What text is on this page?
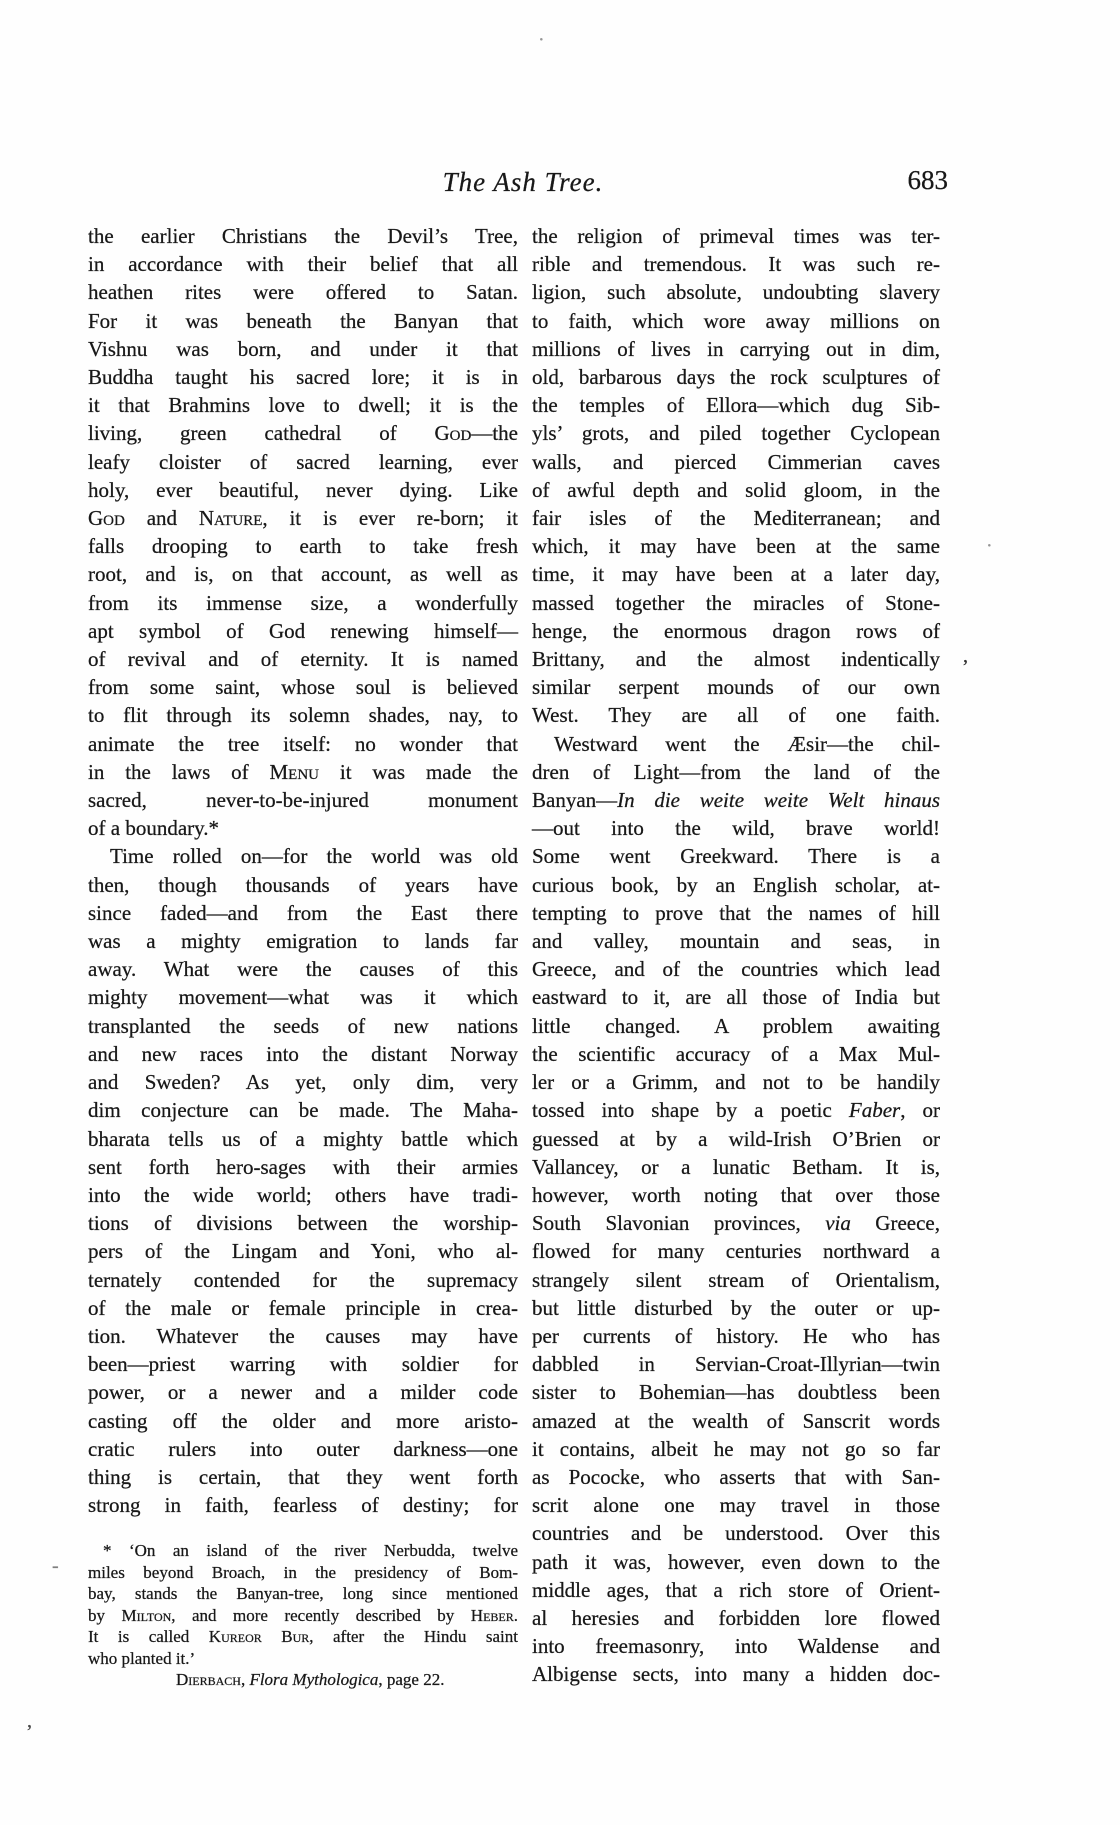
The Ash Tree.	683
the earlier Christians the Devil’s Tree,
in accordance with their belief that all
heathen rites were offered to Satan.
For it was beneath the Banyan that
Vishnu was born, and under it that
Buddha taught his sacred lore; it is in
it that Brahmins love to dwell; it is the
living, green cathedral of God—the
leafy cloister of sacred learning, ever
holy, ever beautiful, never dying. Like
God and Nature, it is ever re-born; it
falls drooping to earth to take fresh
root, and is, on that account, as well as
from its immense size, a wonderfully
apt symbol of God renewing himself—
of revival and of eternity. It is named
from some saint, whose soul is believed
to flit through its solemn shades, nay, to
animate the tree itself: no wonder that
in the laws of Menu it was made the
sacred, never-to-be-injured monument
of a boundary.*
Time rolled on—for the world was old
then, though thousands of years have
since faded—and from the East there
was a mighty emigration to lands far
away. What were the causes of this
mighty movement—what was it which
transplanted the seeds of new nations
and new races into the distant Norway
and Sweden? As yet, only dim, very
dim conjecture can be made. The Maha-
bharata tells us of a mighty battle which
sent forth hero-sages with their armies
into the wide world; others have tradi-
tions of divisions between the worship-
pers of the Lingam and Yoni, who al-
ternately contended for the supremacy
of the male or female principle in crea-
tion. Whatever the causes may have
been—priest warring with soldier for
power, or a newer and a milder code
casting off the older and more aristo-
cratic rulers into outer darkness—one
thing is certain, that they went forth
strong in faith, fearless of destiny; for
the religion of primeval times was ter-
rible and tremendous. It was such re-
ligion, such absolute, undoubting slavery
to faith, which wore away millions on
millions of lives in carrying out in dim,
old, barbarous days the rock sculptures of
the temples of Ellora—which dug Sib-
yls’ grots, and piled together Cyclopean
walls, and pierced Cimmerian caves
of awful depth and solid gloom, in the
fair isles of the Mediterranean; and
which, it may have been at the same
time, it may have been at a later day,
massed together the miracles of Stone-
henge, the enormous dragon rows of
Brittany, and the almost indentically
similar serpent mounds of our own
West. They are all of one faith.
Westward went the Æsir—the chil-
dren of Light—from the land of the
Banyan—In die weite weite Welt hinaus
—out into the wild, brave world!
Some went Greekward. There is a
curious book, by an English scholar, at-
tempting to prove that the names of hill
and valley, mountain and seas, in
Greece, and of the countries which lead
eastward to it, are all those of India but
little changed. A problem awaiting
the scientific accuracy of a Max Mul-
ler or a Grimm, and not to be handily
tossed into shape by a poetic Faber, or
guessed at by a wild-Irish O’Brien or
Vallancey, or a lunatic Betham. It is,
however, worth noting that over those
South Slavonian provinces, via Greece,
flowed for many centuries northward a
strangely silent stream of Orientalism,
but little disturbed by the outer or up-
per currents of history. He who has
dabbled in Servian-Croat-Illyrian—twin
sister to Bohemian—has doubtless been
amazed at the wealth of Sanscrit words
it contains, albeit he may not go so far
as Pococke, who asserts that with San-
scrit alone one may travel in those
countries and be understood. Over this
path it was, however, even down to the
middle ages, that a rich store of Orient-
al heresies and forbidden lore flowed
into freemasonry, into Waldense and
Albigense sects, into many a hidden doc-
* ‘On an island of the river Nerbudda, twelve
miles beyond Broach, in the presidency of Bom-
bay, stands the Banyan-tree, long since mentioned
by Milton, and more recently described by Heber.
It is called Kureor Bur, after the Hindu saint
who planted it.’
Dierbach, Flora Mythologica, page 22.
,
·
’
-
·
